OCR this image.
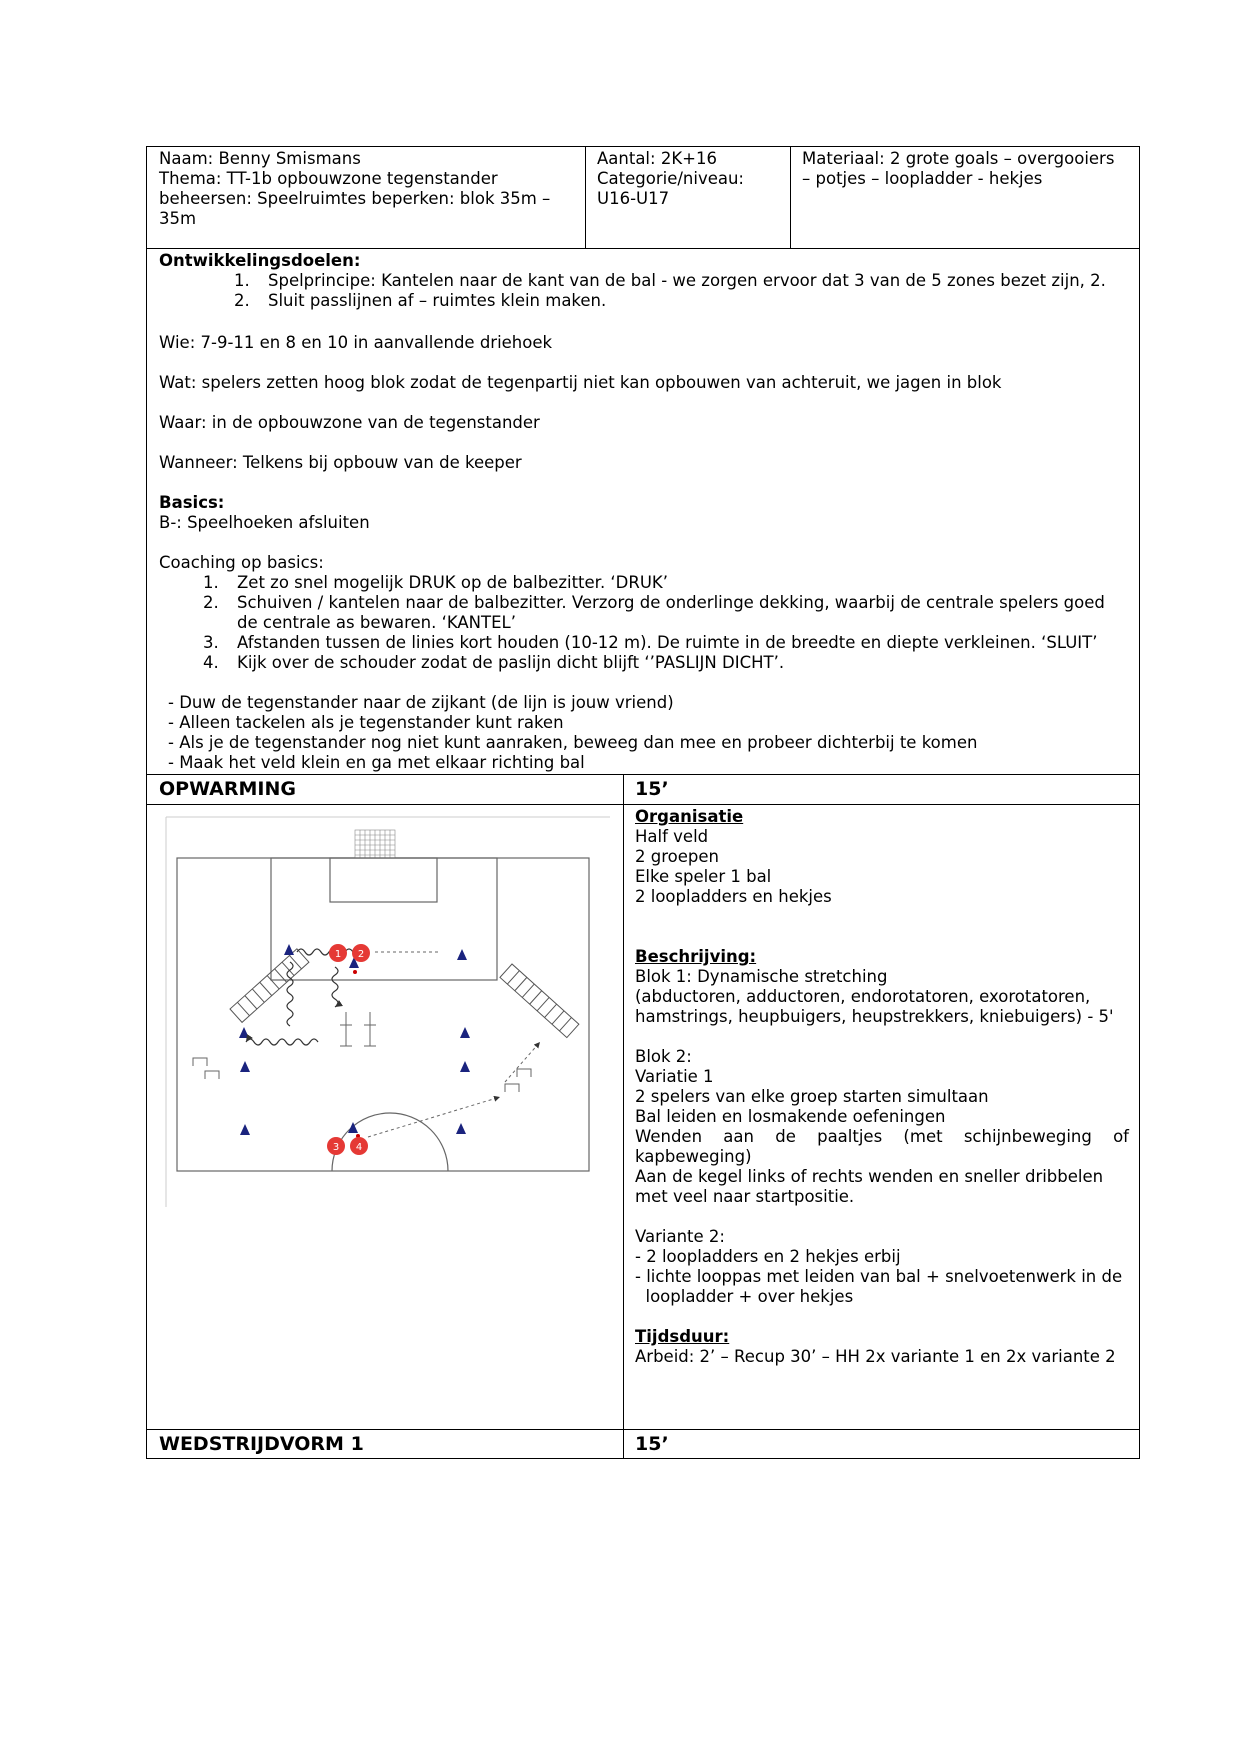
Naam: Benny Smismans
Thema: TT-1b opbouwzone tegenstander
beheersen: Speelruimtes beperken: blok 35m –
35m
Aantal: 2K+16
Categorie/niveau:
U16-U17
Materiaal: 2 grote goals – overgooiers
– potjes – loopladder - hekjes
Ontwikkelingsdoelen:
1. Spelprincipe: Kantelen naar de kant van de bal - we zorgen ervoor dat 3 van de 5 zones bezet zijn, 2.
2. Sluit passlijnen af – ruimtes klein maken.
Wie: 7-9-11 en 8 en 10 in aanvallende driehoek
Wat: spelers zetten hoog blok zodat de tegenpartij niet kan opbouwen van achteruit, we jagen in blok
Waar: in de opbouwzone van de tegenstander
Wanneer: Telkens bij opbouw van de keeper
Basics:
B-: Speelhoeken afsluiten
Coaching op basics:
1. Zet zo snel mogelijk DRUK op de balbezitter. ‘DRUK’
2. Schuiven / kantelen naar de balbezitter. Verzorg de onderlinge dekking, waarbij de centrale spelers goed
de centrale as bewaren. ‘KANTEL’
3. Afstanden tussen de linies kort houden (10-12 m). De ruimte in de breedte en diepte verkleinen. ‘SLUIT’
4. Kijk over de schouder zodat de paslijn dicht blijft ‘’PASLIJN DICHT’.
- Duw de tegenstander naar de zijkant (de lijn is jouw vriend)
- Alleen tackelen als je tegenstander kunt raken
- Als je de tegenstander nog niet kunt aanraken, beweeg dan mee en probeer dichterbij te komen
- Maak het veld klein en ga met elkaar richting bal
OPWARMING	15’
1 2
3 4
Organisatie
Half veld
2 groepen
Elke speler 1 bal
2 loopladders en hekjes

Beschrijving:
Blok 1: Dynamische stretching
(abductoren, adductoren, endorotatoren, exorotatoren,
hamstrings, heupbuigers, heupstrekkers, kniebuigers) - 5'

Blok 2:
Variatie 1
2 spelers van elke groep starten simultaan
Bal leiden en losmakende oefeningen
Wenden aan de paaltjes (met schijnbeweging of
kapbeweging)
Aan de kegel links of rechts wenden en sneller dribbelen
met veel naar startpositie.

Variante 2:
- 2 loopladders en 2 hekjes erbij
- lichte looppas met leiden van bal + snelvoetenwerk in de
loopladder + over hekjes

Tijdsduur:
Arbeid: 2’ – Recup 30’ – HH 2x variante 1 en 2x variante 2
WEDSTRIJDVORM 1	15’
